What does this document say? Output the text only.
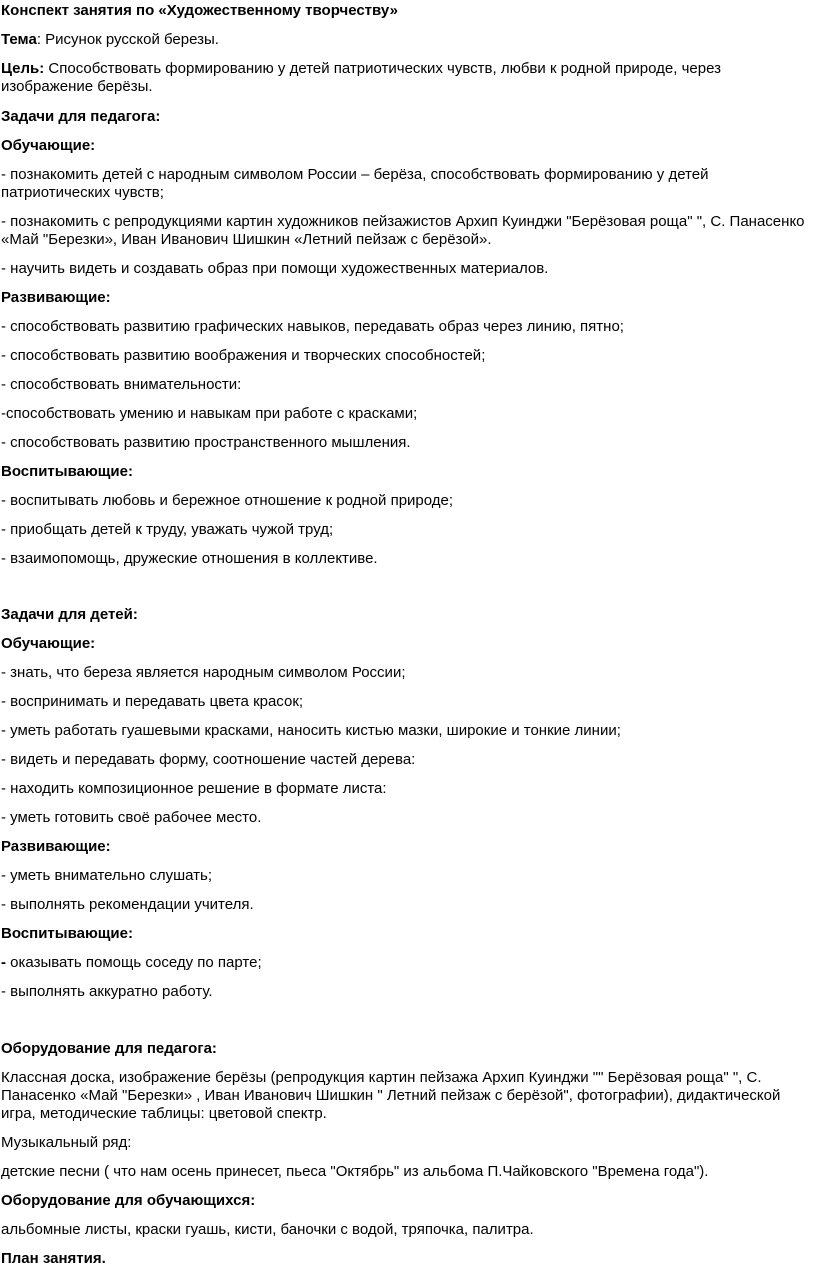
Конспект занятия по «Художественному творчеству»

Тема: Рисунок русской березы.

Цель: Способствовать формированию у детей патриотических чувств, любви к родной природе, через изображение берёзы.

Задачи для педагога:

Обучающие:

- познакомить детей с народным символом России – берёза, способствовать формированию у детей патриотических чувств;

- познакомить с репродукциями картин художников пейзажистов Архип Куинджи "Берёзовая роща" ", С. Панасенко «Май "Березки», Иван Иванович Шишкин «Летний пейзаж с берёзой».

- научить видеть и создавать образ при помощи художественных материалов.

Развивающие:

- способствовать развитию графических навыков, передавать образ через линию, пятно;

- способствовать развитию воображения и творческих способностей;

- способствовать внимательности:

-способствовать умению и навыкам при работе с красками;

- способствовать развитию пространственного мышления.

Воспитывающие:

- воспитывать любовь и бережное отношение к родной природе;

- приобщать детей к труду, уважать чужой труд;

- взаимопомощь, дружеские отношения в коллективе.

Задачи для детей:

Обучающие:

- знать, что береза является народным символом России;

- воспринимать и передавать цвета красок;

- уметь работать гуашевыми красками, наносить кистью мазки, широкие и тонкие линии;

- видеть и передавать форму, соотношение частей дерева:

- находить композиционное решение в формате листа:

- уметь готовить своё рабочее место.

Развивающие:

- уметь внимательно слушать;

- выполнять рекомендации учителя.

Воспитывающие:

- оказывать помощь соседу по парте;

- выполнять аккуратно работу.

Оборудование для педагога:

Классная доска, изображение берёзы (репродукция картин пейзажа Архип Куинджи "" Берёзовая роща" ", С. Панасенко «Май "Березки» , Иван Иванович Шишкин " Летний пейзаж с берёзой", фотографии), дидактической игра, методические таблицы: цветовой спектр.

Музыкальный ряд:

детские песни ( что нам осень принесет, пьеса "Октябрь" из альбома П.Чайковского "Времена года").

Оборудование для обучающихся:

альбомные листы, краски гуашь, кисти, баночки с водой, тряпочка, палитра.

План занятия.
